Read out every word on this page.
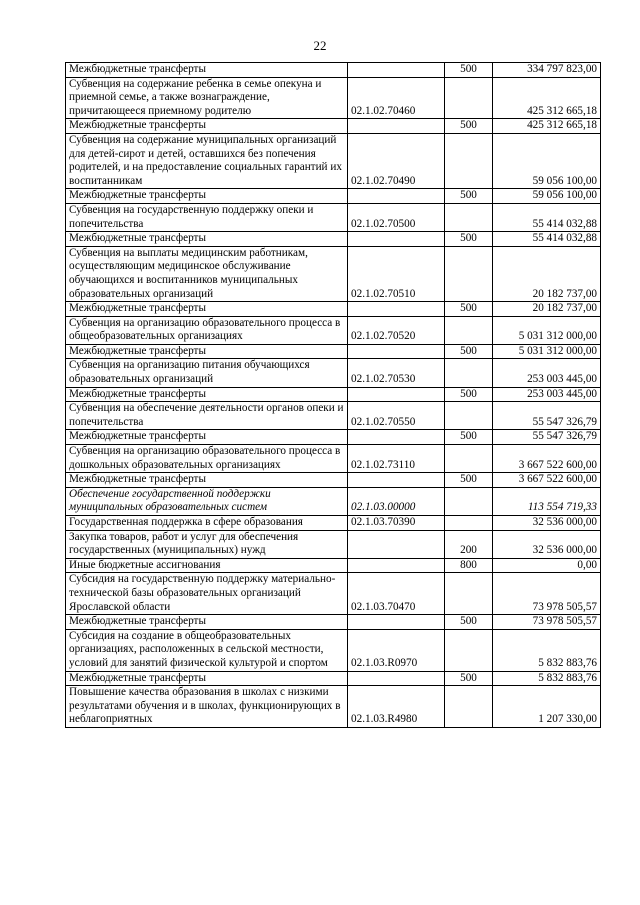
22
Межбюджетные трансферты		500	334 797 823,00
Субвенция на содержание ребенка в семье опекуна и приемной семье, а также вознаграждение, причитающееся приемному родителю	02.1.02.70460		425 312 665,18
Межбюджетные трансферты		500	425 312 665,18
Субвенция на содержание муниципальных организаций для детей-сирот и детей, оставшихся без попечения родителей, и на предоставление социальных гарантий их воспитанникам	02.1.02.70490		59 056 100,00
Межбюджетные трансферты		500	59 056 100,00
Субвенция на государственную поддержку опеки и попечительства	02.1.02.70500		55 414 032,88
Межбюджетные трансферты		500	55 414 032,88
Субвенция на выплаты медицинским работникам, осуществляющим медицинское обслуживание обучающихся и воспитанников муниципальных образовательных организаций	02.1.02.70510		20 182 737,00
Межбюджетные трансферты		500	20 182 737,00
Субвенция на организацию образовательного процесса в общеобразовательных организациях	02.1.02.70520		5 031 312 000,00
Межбюджетные трансферты		500	5 031 312 000,00
Субвенция на организацию питания обучающихся образовательных организаций	02.1.02.70530		253 003 445,00
Межбюджетные трансферты		500	253 003 445,00
Субвенция на обеспечение деятельности органов опеки и попечительства	02.1.02.70550		55 547 326,79
Межбюджетные трансферты		500	55 547 326,79
Субвенция на организацию образовательного процесса в дошкольных образовательных организациях	02.1.02.73110		3 667 522 600,00
Межбюджетные трансферты		500	3 667 522 600,00
Обеспечение государственной поддержки муниципальных образовательных систем	02.1.03.00000		113 554 719,33
Государственная поддержка в сфере образования	02.1.03.70390		32 536 000,00
Закупка товаров, работ и услуг для обеспечения государственных (муниципальных) нужд		200	32 536 000,00
Иные бюджетные ассигнования		800	0,00
Субсидия на государственную поддержку материально-технической базы образовательных организаций Ярославской области	02.1.03.70470		73 978 505,57
Межбюджетные трансферты		500	73 978 505,57
Субсидия на создание в общеобразовательных организациях, расположенных в сельской местности, условий для занятий физической культурой и спортом	02.1.03.R0970		5 832 883,76
Межбюджетные трансферты		500	5 832 883,76
Повышение качества образования в школах с низкими результатами обучения и в школах, функционирующих в неблагоприятных	02.1.03.R4980		1 207 330,00
